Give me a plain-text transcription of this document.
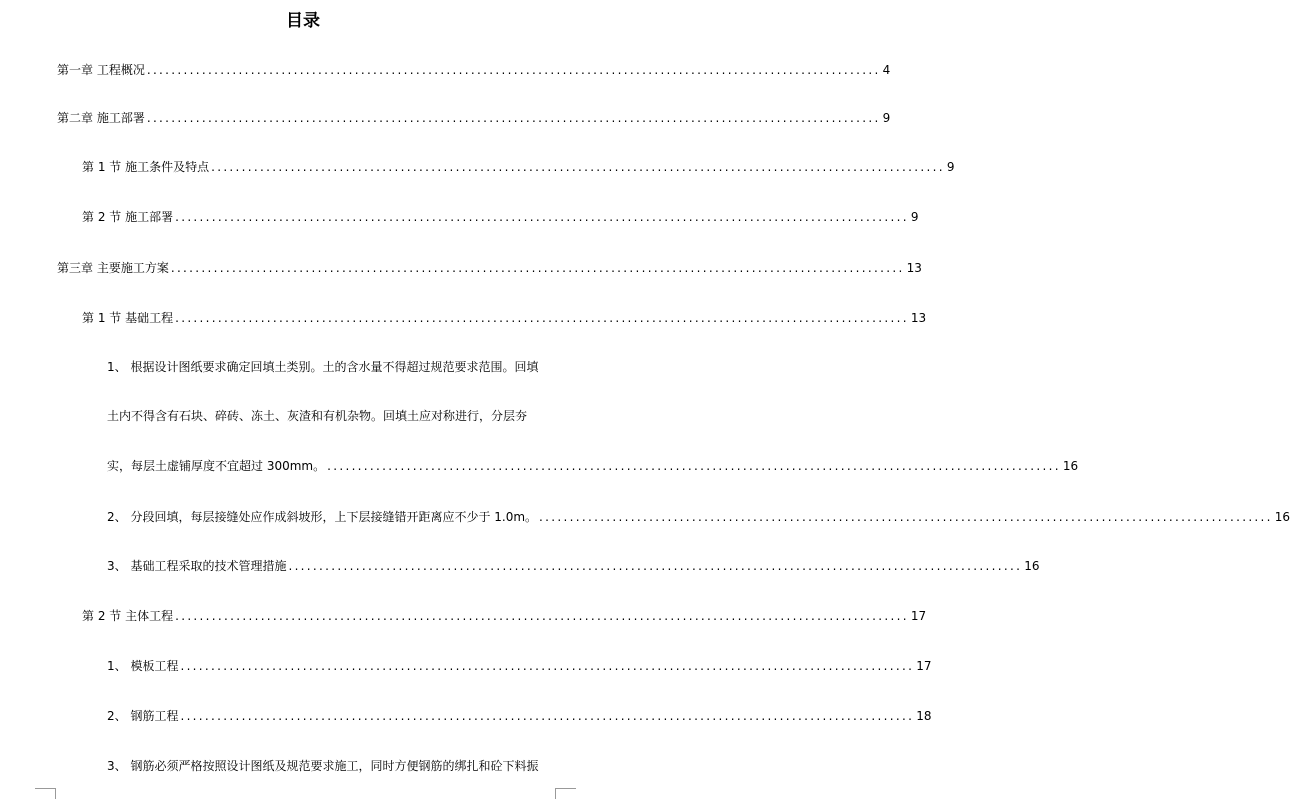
目录
第一章 工程概况 ........................................................................................................................ 4
第二章 施工部署 ........................................................................................................................ 9
第 1 节 施工条件及特点 ........................................................................................................................ 9
第 2 节 施工部署 ........................................................................................................................ 9
第三章 主要施工方案 ........................................................................................................................ 13
第 1 节 基础工程 ........................................................................................................................ 13
1、 根据设计图纸要求确定回填土类别。土的含水量不得超过规范要求范围。回填
土内不得含有石块、碎砖、冻土、灰渣和有机杂物。回填土应对称进行，分层夯
实，每层土虚铺厚度不宜超过 300mm。 ........................................................................................................................ 16
2、 分段回填，每层接缝处应作成斜坡形，上下层接缝错开距离应不少于 1.0m。 ........................................................................................................................ 16
3、 基础工程采取的技术管理措施 ........................................................................................................................ 16
第 2 节 主体工程 ........................................................................................................................ 17
1、 模板工程 ........................................................................................................................ 17
2、 钢筋工程 ........................................................................................................................ 18
3、 钢筋必须严格按照设计图纸及规范要求施工，同时方便钢筋的绑扎和砼下料振
